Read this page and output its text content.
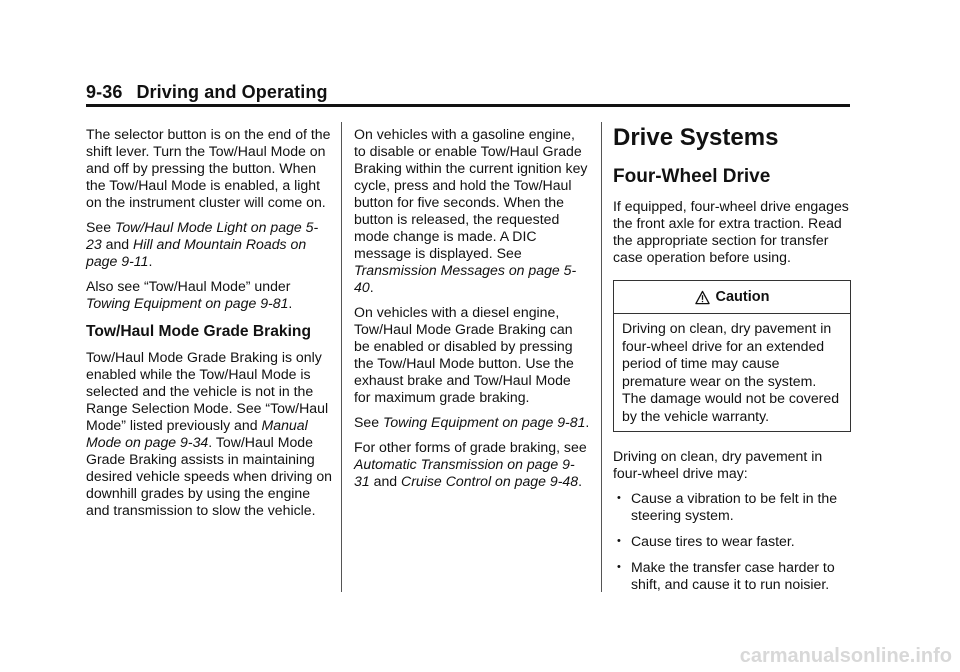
9-36 Driving and Operating

The selector button is on the end of the shift lever. Turn the Tow/Haul Mode on and off by pressing the button. When the Tow/Haul Mode is enabled, a light on the instrument cluster will come on.

See Tow/Haul Mode Light on page 5-23 and Hill and Mountain Roads on page 9-11.

Also see “Tow/Haul Mode” under Towing Equipment on page 9-81.

Tow/Haul Mode Grade Braking

Tow/Haul Mode Grade Braking is only enabled while the Tow/Haul Mode is selected and the vehicle is not in the Range Selection Mode. See “Tow/Haul Mode” listed previously and Manual Mode on page 9-34. Tow/Haul Mode Grade Braking assists in maintaining desired vehicle speeds when driving on downhill grades by using the engine and transmission to slow the vehicle.

On vehicles with a gasoline engine, to disable or enable Tow/Haul Grade Braking within the current ignition key cycle, press and hold the Tow/Haul button for five seconds. When the button is released, the requested mode change is made. A DIC message is displayed. See Transmission Messages on page 5-40.

On vehicles with a diesel engine, Tow/Haul Mode Grade Braking can be enabled or disabled by pressing the Tow/Haul Mode button. Use the exhaust brake and Tow/Haul Mode for maximum grade braking.

See Towing Equipment on page 9-81.

For other forms of grade braking, see Automatic Transmission on page 9-31 and Cruise Control on page 9-48.

Drive Systems
Four-Wheel Drive

If equipped, four-wheel drive engages the front axle for extra traction. Read the appropriate section for transfer case operation before using.

Caution
Driving on clean, dry pavement in four-wheel drive for an extended period of time may cause premature wear on the system. The damage would not be covered by the vehicle warranty.

Driving on clean, dry pavement in four-wheel drive may:

• Cause a vibration to be felt in the steering system.
• Cause tires to wear faster.
• Make the transfer case harder to shift, and cause it to run noisier.
carmanualsonline.info
